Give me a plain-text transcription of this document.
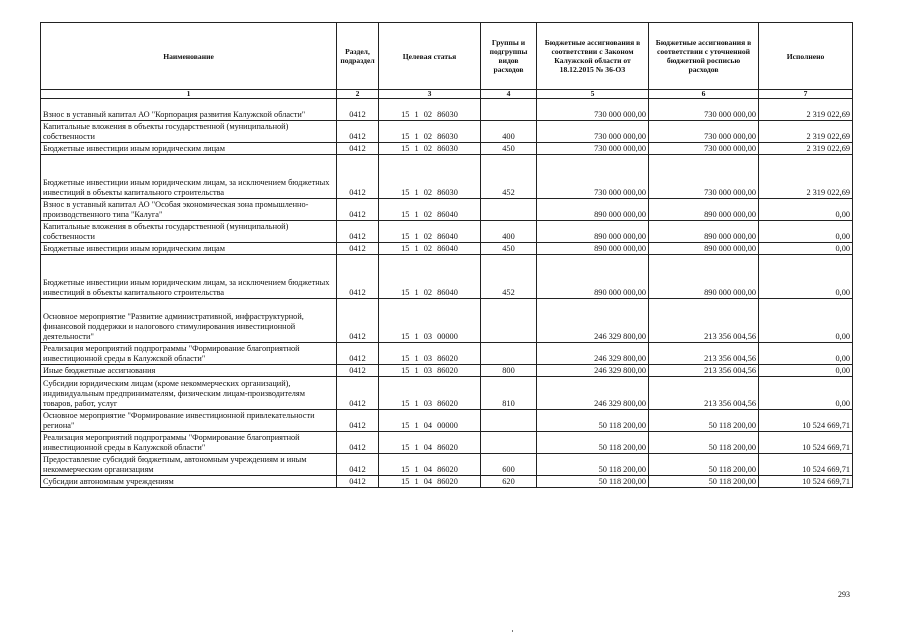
Наименование	Раздел, подраздел	Целевая статья	Группы и подгруппы видов расходов	Бюджетные ассигнования в соответствии с Законом Калужской области от 18.12.2015 № 36-ОЗ	Бюджетные ассигнования в соответствии с уточненной бюджетной росписью расходов	Исполнено
1	2	3	4	5	6	7
Взнос в уставный капитал АО "Корпорация развития Калужской области"	0412	15 1 02 86030		730 000 000,00	730 000 000,00	2 319 022,69
Капитальные вложения в объекты государственной (муниципальной) собственности	0412	15 1 02 86030	400	730 000 000,00	730 000 000,00	2 319 022,69
Бюджетные инвестиции иным юридическим лицам	0412	15 1 02 86030	450	730 000 000,00	730 000 000,00	2 319 022,69
Бюджетные инвестиции иным юридическим лицам, за исключением бюджетных инвестиций в объекты капитального строительства	0412	15 1 02 86030	452	730 000 000,00	730 000 000,00	2 319 022,69
Взнос в уставный капитал АО "Особая экономическая зона промышленно-производственного типа "Калуга"	0412	15 1 02 86040		890 000 000,00	890 000 000,00	0,00
Капитальные вложения в объекты государственной (муниципальной) собственности	0412	15 1 02 86040	400	890 000 000,00	890 000 000,00	0,00
Бюджетные инвестиции иным юридическим лицам	0412	15 1 02 86040	450	890 000 000,00	890 000 000,00	0,00
Бюджетные инвестиции иным юридическим лицам, за исключением бюджетных инвестиций в объекты капитального строительства	0412	15 1 02 86040	452	890 000 000,00	890 000 000,00	0,00
Основное мероприятие "Развитие административной, инфраструктурной, финансовой поддержки и налогового стимулирования инвестиционной деятельности"	0412	15 1 03 00000		246 329 800,00	213 356 004,56	0,00
Реализация мероприятий подпрограммы "Формирование благоприятной инвестиционной среды в Калужской области"	0412	15 1 03 86020		246 329 800,00	213 356 004,56	0,00
Иные бюджетные ассигнования	0412	15 1 03 86020	800	246 329 800,00	213 356 004,56	0,00
Субсидии юридическим лицам (кроме некоммерческих организаций), индивидуальным предпринимателям, физическим лицам-производителям товаров, работ, услуг	0412	15 1 03 86020	810	246 329 800,00	213 356 004,56	0,00
Основное мероприятие "Формирование инвестиционной привлекательности региона"	0412	15 1 04 00000		50 118 200,00	50 118 200,00	10 524 669,71
Реализация мероприятий подпрограммы "Формирование благоприятной инвестиционной среды в Калужской области"	0412	15 1 04 86020		50 118 200,00	50 118 200,00	10 524 669,71
Предоставление субсидий бюджетным, автономным учреждениям и иным некоммерческим организациям	0412	15 1 04 86020	600	50 118 200,00	50 118 200,00	10 524 669,71
Субсидии автономным учреждениям	0412	15 1 04 86020	620	50 118 200,00	50 118 200,00	10 524 669,71
293
